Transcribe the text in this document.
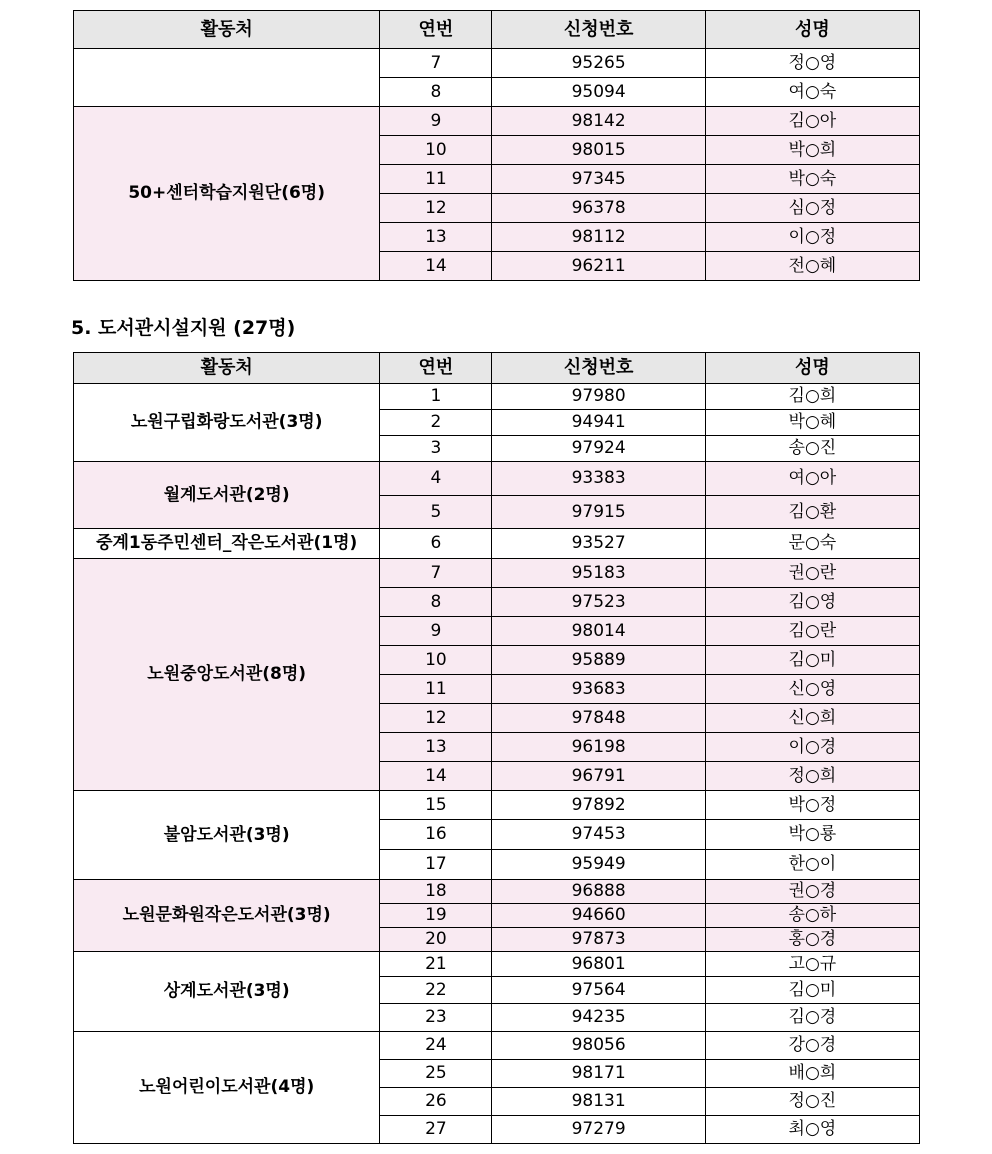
활동처	연번	신청번호	성명
	7	95265	정○영
	8	95094	여○숙
50+센터학습지원단(6명)	9	98142	김○아
	10	98015	박○희
	11	97345	박○숙
	12	96378	심○정
	13	98112	이○정
	14	96211	전○혜
5. 도서관시설지원 (27명)
활동처	연번	신청번호	성명
노원구립화랑도서관(3명)	1	97980	김○희
	2	94941	박○혜
	3	97924	송○진
월계도서관(2명)	4	93383	여○아
	5	97915	김○환
중계1동주민센터_작은도서관(1명)	6	93527	문○숙
노원중앙도서관(8명)	7	95183	권○란
	8	97523	김○영
	9	98014	김○란
	10	95889	김○미
	11	93683	신○영
	12	97848	신○희
	13	96198	이○경
	14	96791	정○희
불암도서관(3명)	15	97892	박○정
	16	97453	박○룡
	17	95949	한○이
노원문화원작은도서관(3명)	18	96888	권○경
	19	94660	송○하
	20	97873	홍○경
상계도서관(3명)	21	96801	고○규
	22	97564	김○미
	23	94235	김○경
노원어린이도서관(4명)	24	98056	강○경
	25	98171	배○희
	26	98131	정○진
	27	97279	최○영
